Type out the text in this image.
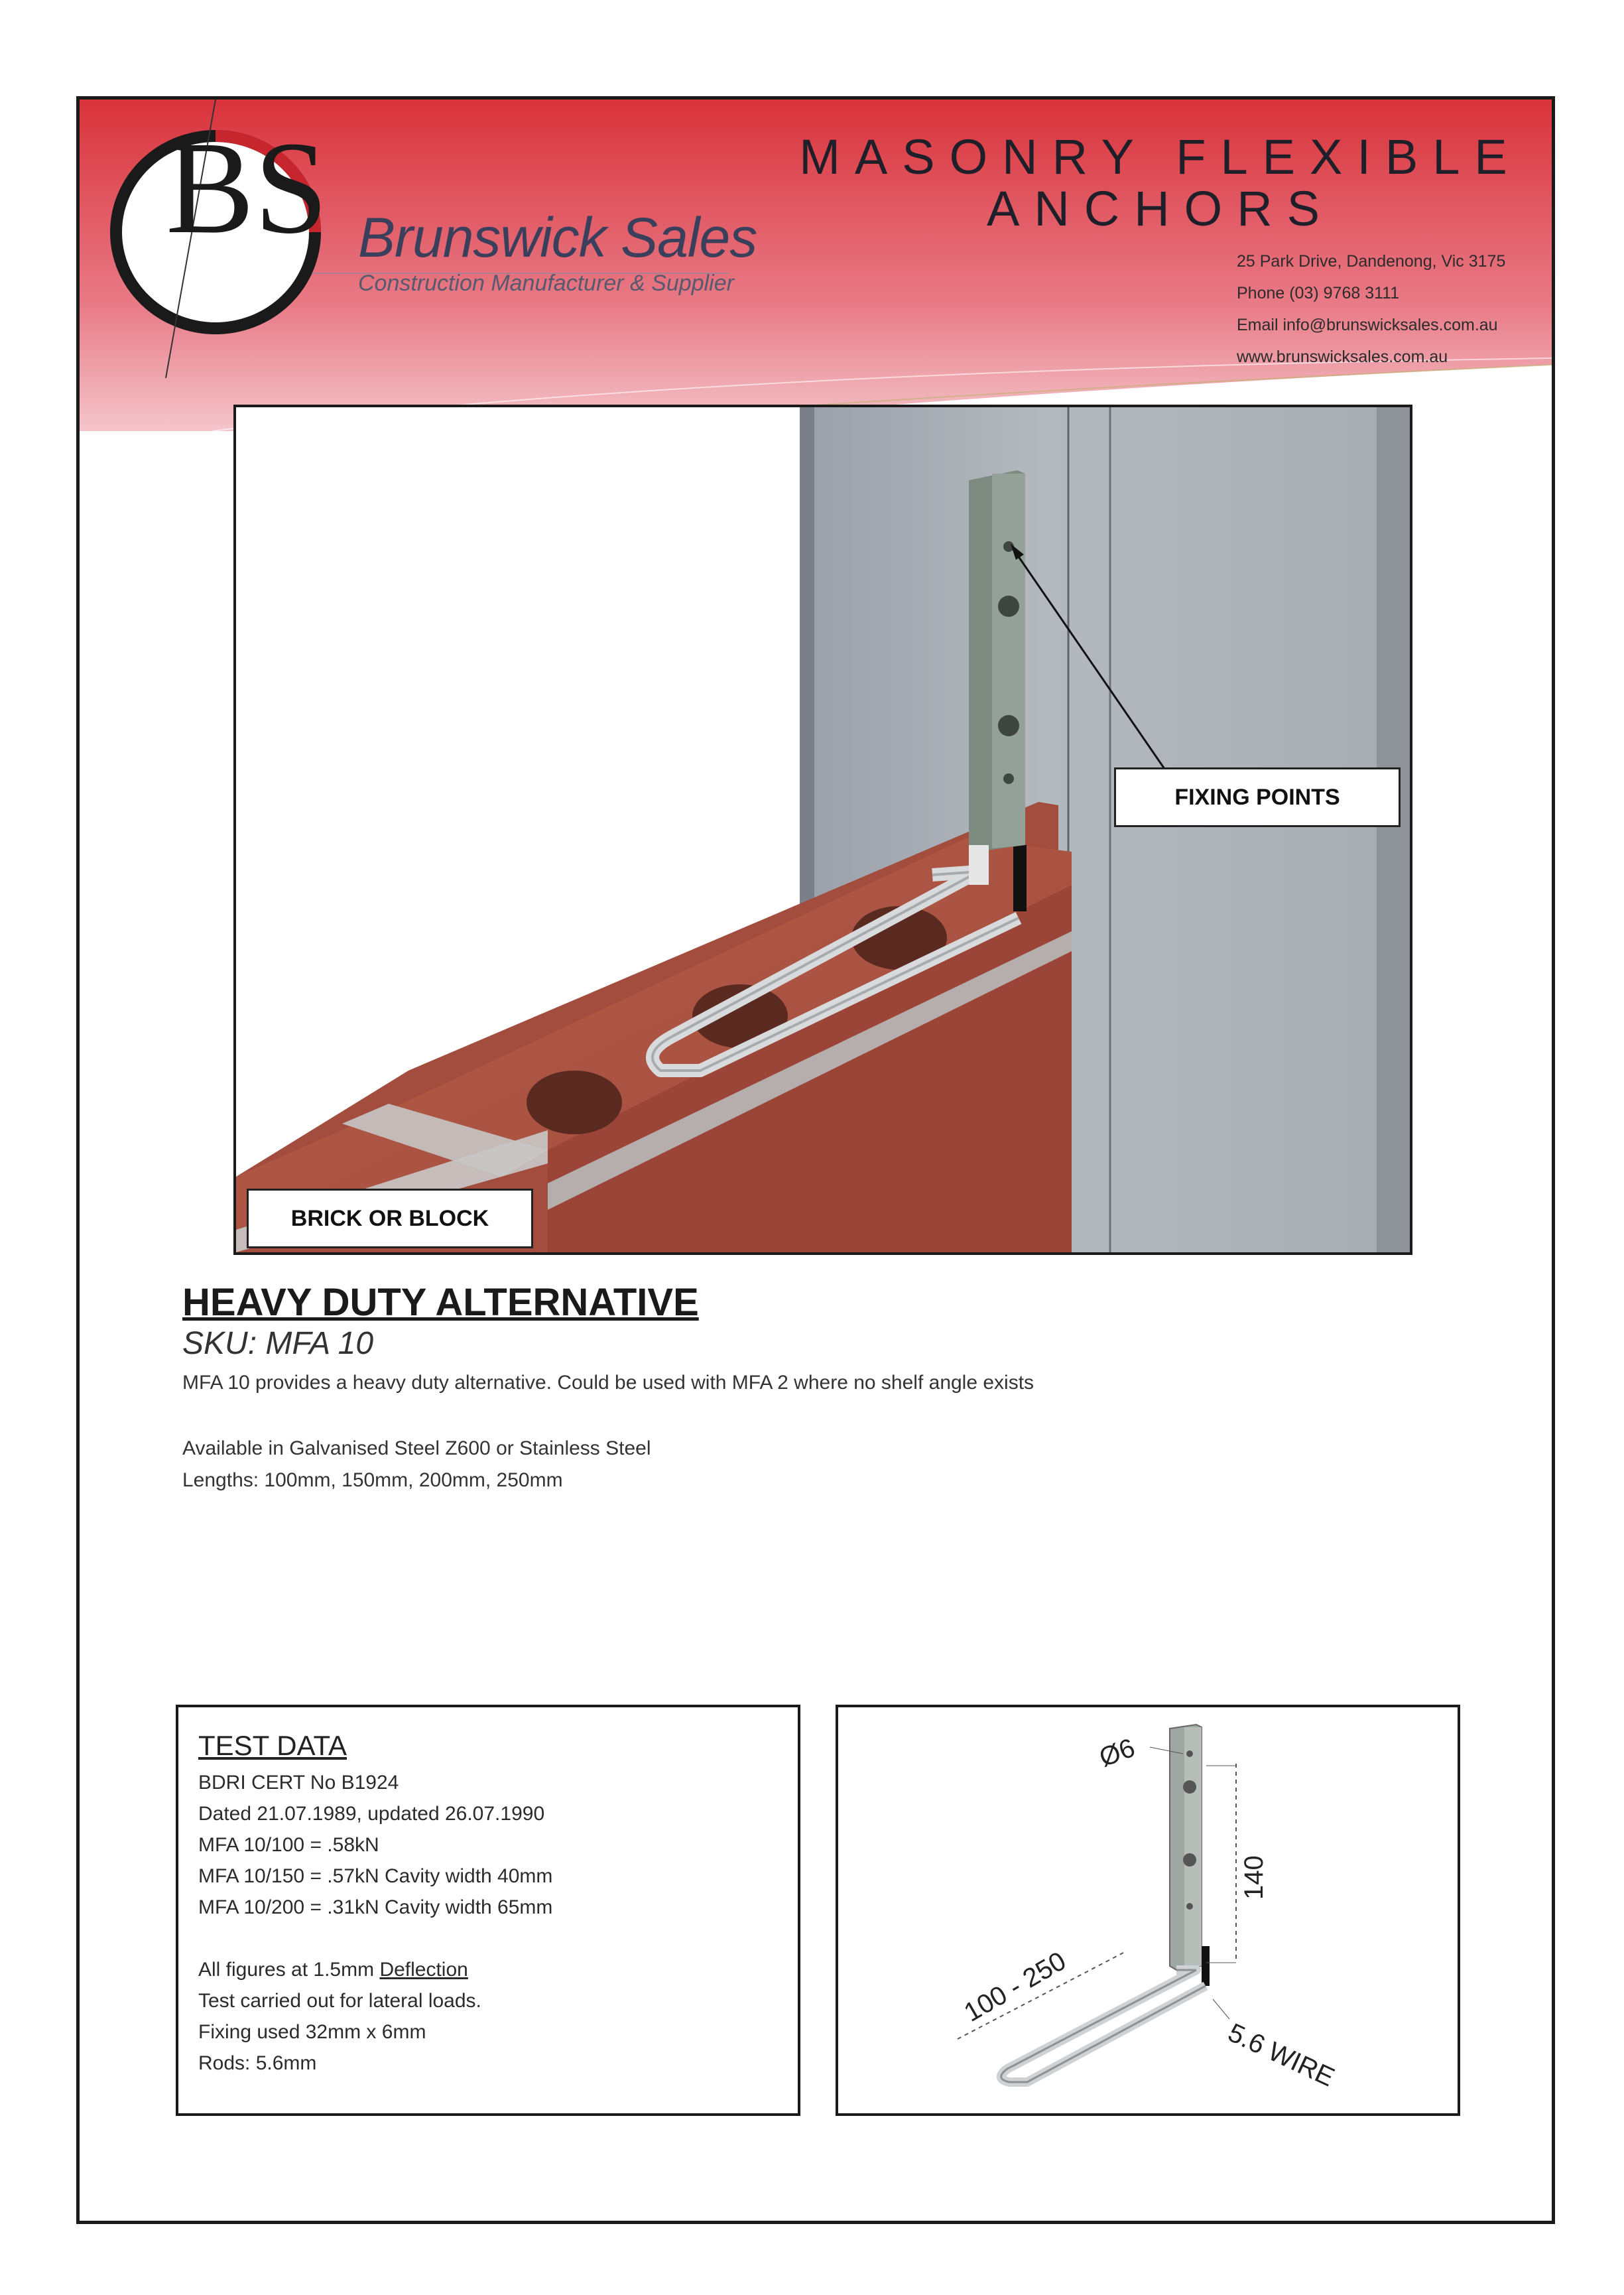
BS Brunswick Sales
Construction Manufacturer & Supplier
MASONRY FLEXIBLE ANCHORS
25 Park Drive, Dandenong, Vic 3175
Phone (03) 9768 3111
Email info@brunswicksales.com.au
www.brunswicksales.com.au
FIXING POINTS
BRICK OR BLOCK
HEAVY DUTY ALTERNATIVE
SKU: MFA 10
MFA 10 provides a heavy duty alternative. Could be used with MFA 2 where no shelf angle exists
Available in Galvanised Steel Z600 or Stainless Steel
Lengths: 100mm, 150mm, 200mm, 250mm
TEST DATA
BDRI CERT No B1924
Dated 21.07.1989, updated 26.07.1990
MFA 10/100 = .58kN
MFA 10/150 = .57kN Cavity width 40mm
MFA 10/200 = .31kN Cavity width 65mm
All figures at 1.5mm Deflection
Test carried out for lateral loads.
Fixing used 32mm x 6mm
Rods: 5.6mm
Ø6
140
100 - 250
5.6 WIRE
